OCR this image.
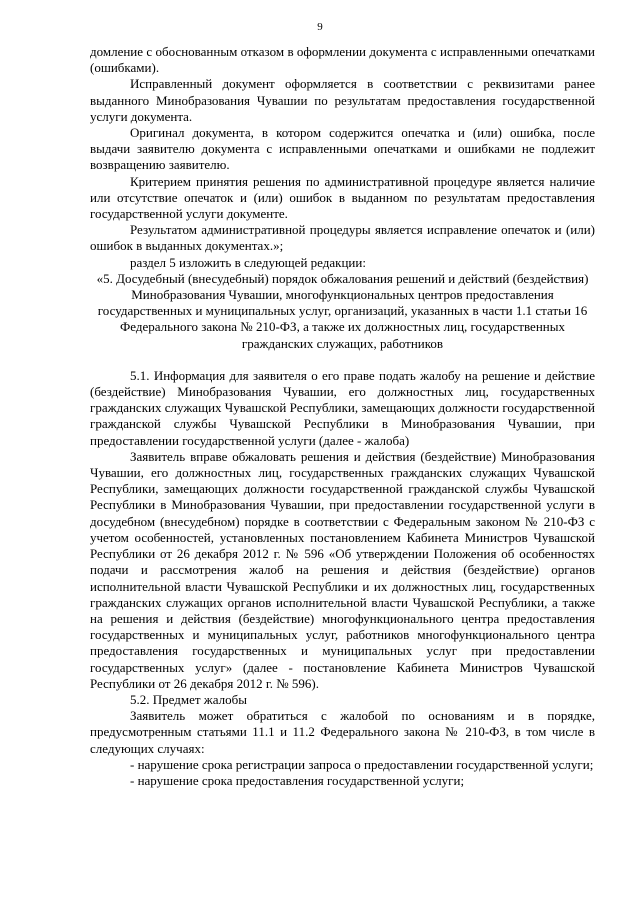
9

домление с обоснованным отказом в оформлении документа с исправленными опечатками (ошибками).

Исправленный документ оформляется в соответствии с реквизитами ранее выданного Минобразования Чувашии по результатам предоставления государственной услуги документа.

Оригинал документа, в котором содержится опечатка и (или) ошибка, после выдачи заявителю документа с исправленными опечатками и ошибками не подлежит возвращению заявителю.

Критерием принятия решения по административной процедуре является наличие или отсутствие опечаток и (или) ошибок в выданном по результатам предоставления государственной услуги документе.

Результатом административной процедуры является исправление опечаток и (или) ошибок в выданных документах.»;

раздел 5 изложить в следующей редакции:

«5. Досудебный (внесудебный) порядок обжалования решений и действий (бездействия) Минобразования Чувашии, многофункциональных центров предоставления государственных и муниципальных услуг, организаций, указанных в части 1.1 статьи 16 Федерального закона № 210-ФЗ, а также их должностных лиц, государственных гражданских служащих, работников

5.1. Информация для заявителя о его праве подать жалобу на решение и действие (бездействие) Минобразования Чувашии, его должностных лиц, государственных гражданских служащих Чувашской Республики, замещающих должности государственной гражданской службы Чувашской Республики в Минобразования Чувашии, при предоставлении государственной услуги (далее - жалоба)

Заявитель вправе обжаловать решения и действия (бездействие) Минобразования Чувашии, его должностных лиц, государственных гражданских служащих Чувашской Республики, замещающих должности государственной гражданской службы Чувашской Республики в Минобразования Чувашии, при предоставлении государственной услуги в досудебном (внесудебном) порядке в соответствии с Федеральным законом № 210-ФЗ с учетом особенностей, установленных постановлением Кабинета Министров Чувашской Республики от 26 декабря 2012 г. № 596 «Об утверждении Положения об особенностях подачи и рассмотрения жалоб на решения и действия (бездействие) органов исполнительной власти Чувашской Республики и их должностных лиц, государственных гражданских служащих органов исполнительной власти Чувашской Республики, а также на решения и действия (бездействие) многофункционального центра предоставления государственных и муниципальных услуг, работников многофункционального центра предоставления государственных и муниципальных услуг при предоставлении государственных услуг» (далее - постановление Кабинета Министров Чувашской Республики от 26 декабря 2012 г. № 596).

5.2. Предмет жалобы

Заявитель может обратиться с жалобой по основаниям и в порядке, предусмотренным статьями 11.1 и 11.2 Федерального закона № 210-ФЗ, в том числе в следующих случаях:

- нарушение срока регистрации запроса о предоставлении государственной услуги;

- нарушение срока предоставления государственной услуги;
